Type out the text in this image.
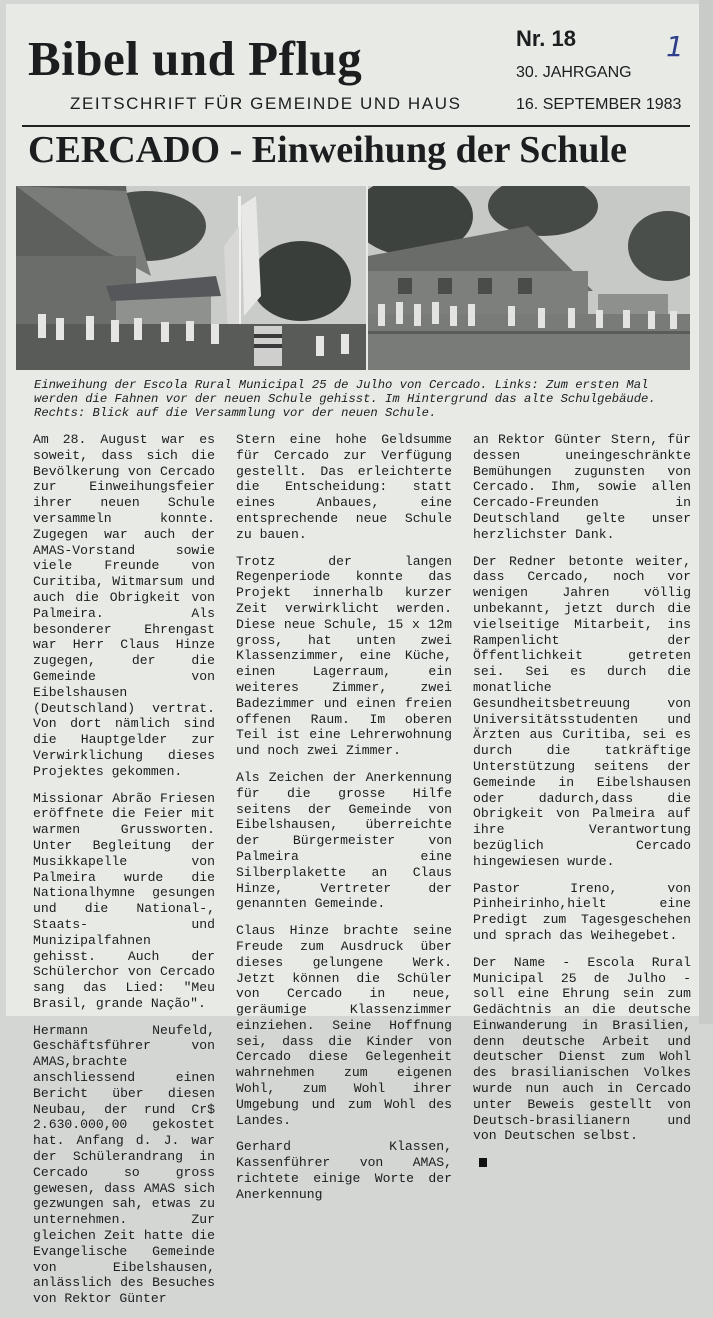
Bibel und Pflug
ZEITSCHRIFT FÜR GEMEINDE UND HAUS
Nr. 18
30. JAHRGANG
16. SEPTEMBER 1983
1
CERCADO - Einweihung der Schule
Einweihung der Escola Rural Municipal 25 de Julho von Cercado. Links: Zum ersten Mal werden die Fahnen vor der neuen Schule gehisst. Im Hintergrund das alte Schulgebäude. Rechts: Blick auf die Versammlung vor der neuen Schule.

Am 28. August war es soweit, dass sich die Bevölkerung von Cercado zur Einweihungsfeier ihrer neuen Schule versammeln konnte. Zugegen war auch der AMAS-Vorstand sowie viele Freunde von Curitiba, Witmarsum und auch die Obrigkeit von Palmeira. Als besonderer Ehrengast war Herr Claus Hinze zugegen, der die Gemeinde von Eibelshausen (Deutschland) vertrat. Von dort nämlich sind die Hauptgelder zur Verwirklichung dieses Projektes gekommen.

Missionar Abrão Friesen eröffnete die Feier mit warmen Grussworten. Unter Begleitung der Musikkapelle von Palmeira wurde die Nationalhymne gesungen und die National-, Staats- und Munizipalfahnen gehisst. Auch der Schülerchor von Cercado sang das Lied: "Meu Brasil, grande Nação".

Hermann Neufeld, Geschäftsführer von AMAS,brachte anschliessend einen Bericht über diesen Neubau, der rund Cr$ 2.630.000,00 gekostet hat. Anfang d. J. war der Schülerandrang in Cercado so gross gewesen, dass AMAS sich gezwungen sah, etwas zu unternehmen. Zur gleichen Zeit hatte die Evangelische Gemeinde von Eibelshausen, anlässlich des Besuches von Rektor Günter

Stern eine hohe Geldsumme für Cercado zur Verfügung gestellt. Das erleichterte die Entscheidung: statt eines Anbaues, eine entsprechende neue Schule zu bauen.

Trotz der langen Regenperiode konnte das Projekt innerhalb kurzer Zeit verwirklicht werden. Diese neue Schule, 15 x 12m gross, hat unten zwei Klassenzimmer, eine Küche, einen Lagerraum, ein weiteres Zimmer, zwei Badezimmer und einen freien offenen Raum. Im oberen Teil ist eine Lehrerwohnung und noch zwei Zimmer.

Als Zeichen der Anerkennung für die grosse Hilfe seitens der Gemeinde von Eibelshausen, überreichte der Bürgermeister von Palmeira eine Silberplakette an Claus Hinze, Vertreter der genannten Gemeinde.

Claus Hinze brachte seine Freude zum Ausdruck über dieses gelungene Werk. Jetzt können die Schüler von Cercado in neue, geräumige Klassenzimmer einziehen. Seine Hoffnung sei, dass die Kinder von Cercado diese Gelegenheit wahrnehmen zum eigenen Wohl, zum Wohl ihrer Umgebung und zum Wohl des Landes.

Gerhard Klassen, Kassenführer von AMAS, richtete einige Worte der Anerkennung

an Rektor Günter Stern, für dessen uneingeschränkte Bemühungen zugunsten von Cercado. Ihm, sowie allen Cercado-Freunden in Deutschland gelte unser herzlichster Dank.

Der Redner betonte weiter, dass Cercado, noch vor wenigen Jahren völlig unbekannt, jetzt durch die vielseitige Mitarbeit, ins Rampenlicht der Öffentlichkeit getreten sei. Sei es durch die monatliche Gesundheitsbetreuung von Universitätsstudenten und Ärzten aus Curitiba, sei es durch die tatkräftige Unterstützung seitens der Gemeinde in Eibelshausen oder dadurch,dass die Obrigkeit von Palmeira auf ihre Verantwortung bezüglich Cercado hingewiesen wurde.

Pastor Ireno, von Pinheirinho,hielt eine Predigt zum Tagesgeschehen und sprach das Weihegebet.

Der Name - Escola Rural Municipal 25 de Julho - soll eine Ehrung sein zum Gedächtnis an die deutsche Einwanderung in Brasilien, denn deutsche Arbeit und deutscher Dienst zum Wohl des brasilianischen Volkes wurde nun auch in Cercado unter Beweis gestellt von Deutsch-brasilianern und von Deutschen selbst.
